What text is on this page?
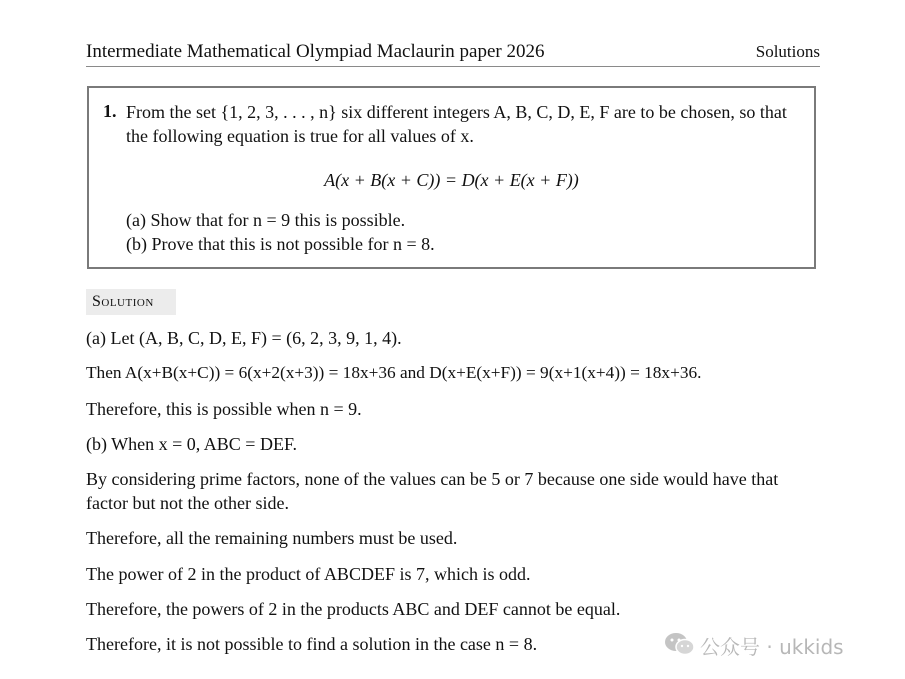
Intermediate Mathematical Olympiad Maclaurin paper 2026	Solutions
1. From the set {1, 2, 3, . . . , n} six different integers A, B, C, D, E, F are to be chosen, so that the following equation is true for all values of x.
A(x + B(x + C)) = D(x + E(x + F))
(a) Show that for n = 9 this is possible.
(b) Prove that this is not possible for n = 8.
Solution
(a) Let (A, B, C, D, E, F) = (6, 2, 3, 9, 1, 4).
Then A(x+B(x+C)) = 6(x+2(x+3)) = 18x+36 and D(x+E(x+F)) = 9(x+1(x+4)) = 18x+36.
Therefore, this is possible when n = 9.
(b) When x = 0, ABC = DEF.
By considering prime factors, none of the values can be 5 or 7 because one side would have that factor but not the other side.
Therefore, all the remaining numbers must be used.
The power of 2 in the product of ABCDEF is 7, which is odd.
Therefore, the powers of 2 in the products ABC and DEF cannot be equal.
Therefore, it is not possible to find a solution in the case n = 8.	公众号 · ukkids
